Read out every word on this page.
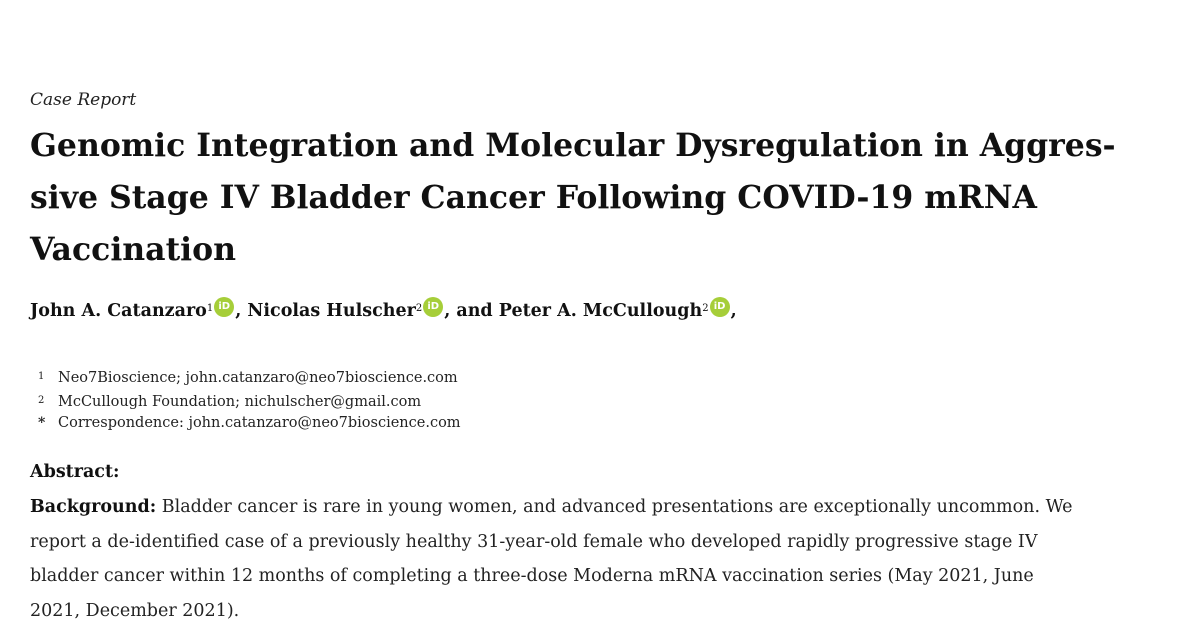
Case Report
Genomic Integration and Molecular Dysregulation in Aggres-
sive Stage IV Bladder Cancer Following COVID-19 mRNA
Vaccination
John A. Catanzaro$^1$ iD , Nicolas Hulscher$^2$ iD , and Peter A. McCullough$^2$ iD ,
1 Neo7Bioscience; john.catanzaro@neo7bioscience.com
2 McCullough Foundation; nichulscher@gmail.com
* Correspondence: john.catanzaro@neo7bioscience.com
Abstract:

Background: Bladder cancer is rare in young women, and advanced presentations are exceptionally uncommon. We
report a de-identified case of a previously healthy 31-year-old female who developed rapidly progressive stage IV
bladder cancer within 12 months of completing a three-dose Moderna mRNA vaccination series (May 2021, June
2021, December 2021).
